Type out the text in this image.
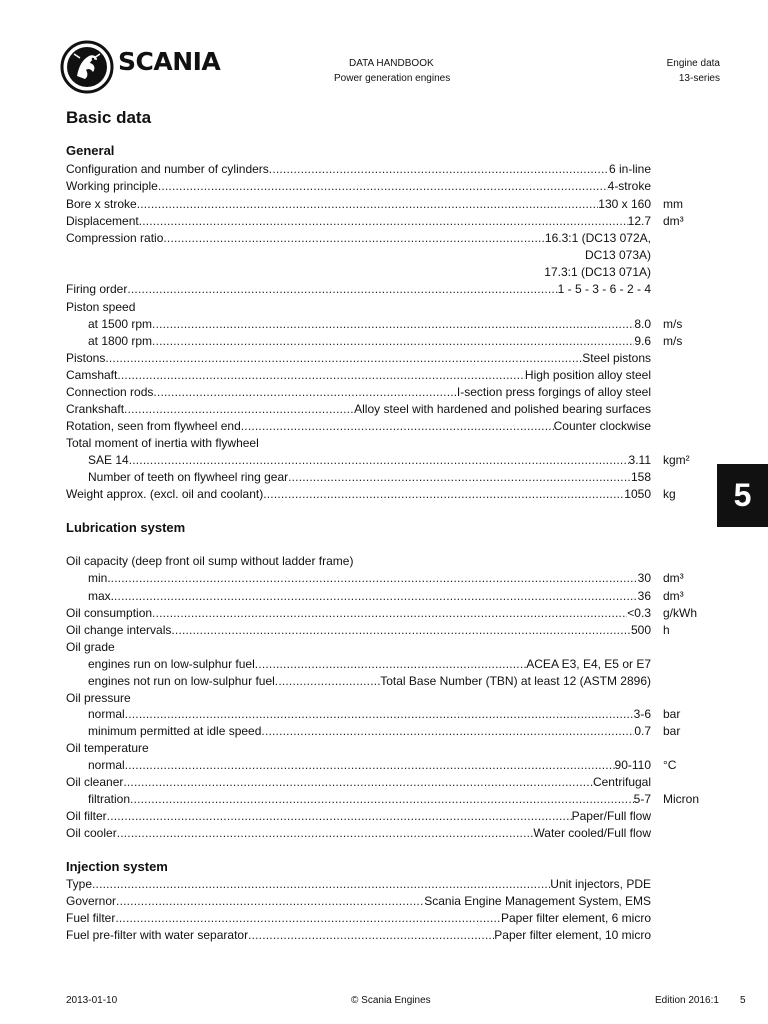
SCANIA	DATA HANDBOOK
Power generation engines
Engine data
13-series
Basic data
General
Configuration and number of cylinders .....	6 in-line
Working principle .....	4-stroke
Bore x stroke .....	130 x 160 mm
Displacement .....	12.7 dm³
Compression ratio .....	16.3:1 (DC13 072A,
DC13 073A)
17.3:1 (DC13 071A)
Firing order .....	1 - 5 - 3 - 6 - 2 - 4
Piston speed
at 1500 rpm .....	8.0 m/s
at 1800 rpm .....	9.6 m/s
Pistons .....	Steel pistons
Camshaft .....	High position alloy steel
Connection rods .....	I-section press forgings of alloy steel
Crankshaft .....	Alloy steel with hardened and polished bearing surfaces
Rotation, seen from flywheel end .....	Counter clockwise
Total moment of inertia with flywheel
SAE 14 .....	3.11 kgm²
Number of teeth on flywheel ring gear .....	158
Weight approx. (excl. oil and coolant) .....	1050 kg	5
Lubrication system
Oil capacity (deep front oil sump without ladder frame)
min. .....	30 dm³
max. .....	36 dm³
Oil consumption .....	<0.3 g/kWh
Oil change intervals .....	500 h
Oil grade
engines run on low-sulphur fuel .....	ACEA E3, E4, E5 or E7
engines not run on low-sulphur fuel .....	Total Base Number (TBN) at least 12 (ASTM 2896)
Oil pressure
normal .....	3-6 bar
minimum permitted at idle speed .....	0.7 bar
Oil temperature
normal .....	90-110 °C
Oil cleaner .....	Centrifugal
filtration .....	5-7 Micron
Oil filter .....	Paper/Full flow
Oil cooler .....	Water cooled/Full flow
Injection system
Type .....	Unit injectors, PDE
Governor .....	Scania Engine Management System, EMS
Fuel filter .....	Paper filter element, 6 micro
Fuel pre-filter with water separator .....	Paper filter element, 10 micro
2013-01-10	© Scania Engines	Edition 2016:1 5
